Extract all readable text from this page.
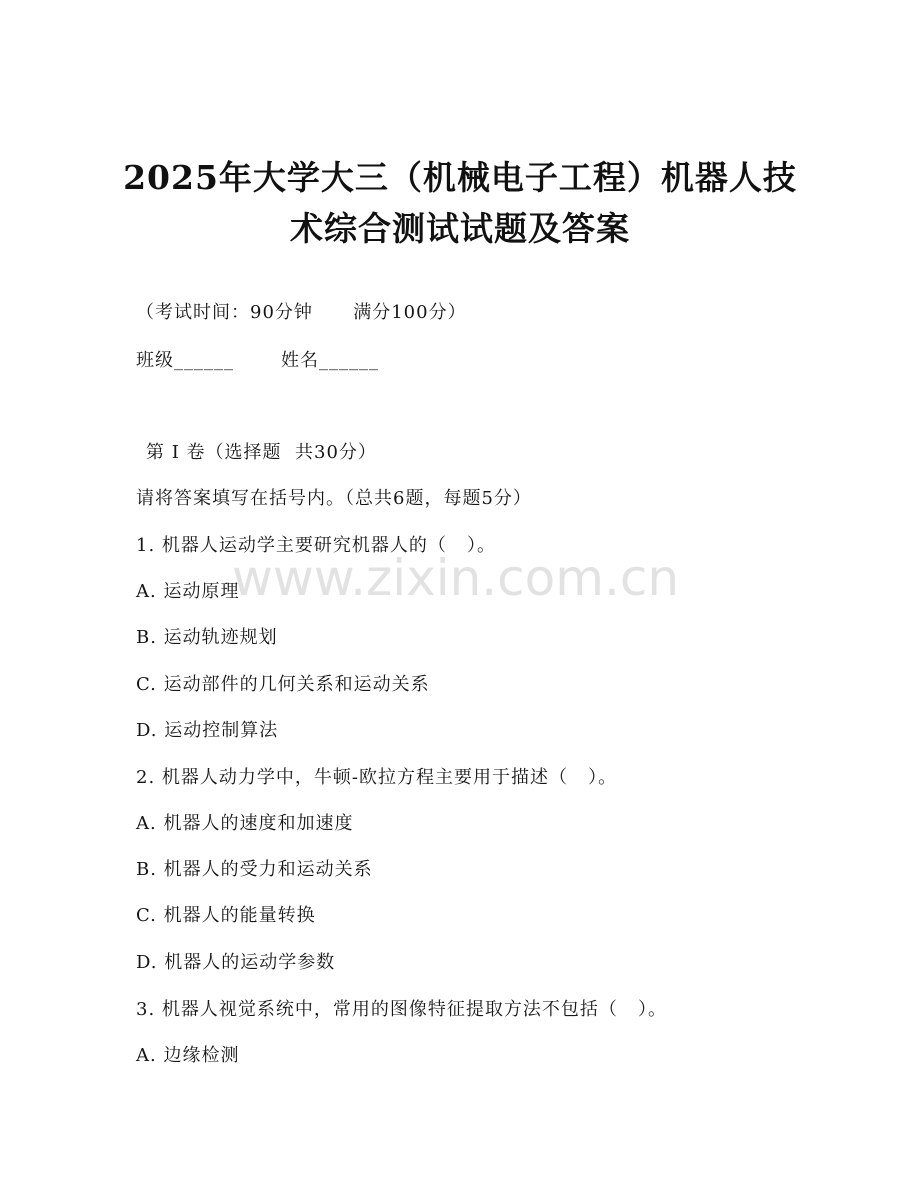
2025年大学大三（机械电子工程）机器人技
术综合测试试题及答案
（考试时间：90分钟      满分100分）
班级______       姓名______
第 I 卷（选择题  共30分）
请将答案填写在括号内。（总共6题，每题5分）
1. 机器人运动学主要研究机器人的（   ）。
A. 运动原理
B. 运动轨迹规划
C. 运动部件的几何关系和运动关系
D. 运动控制算法
2. 机器人动力学中，牛顿-欧拉方程主要用于描述（   ）。
A. 机器人的速度和加速度
B. 机器人的受力和运动关系
C. 机器人的能量转换
D. 机器人的运动学参数
3. 机器人视觉系统中，常用的图像特征提取方法不包括（   ）。
A. 边缘检测
www.zixin.com.cn
